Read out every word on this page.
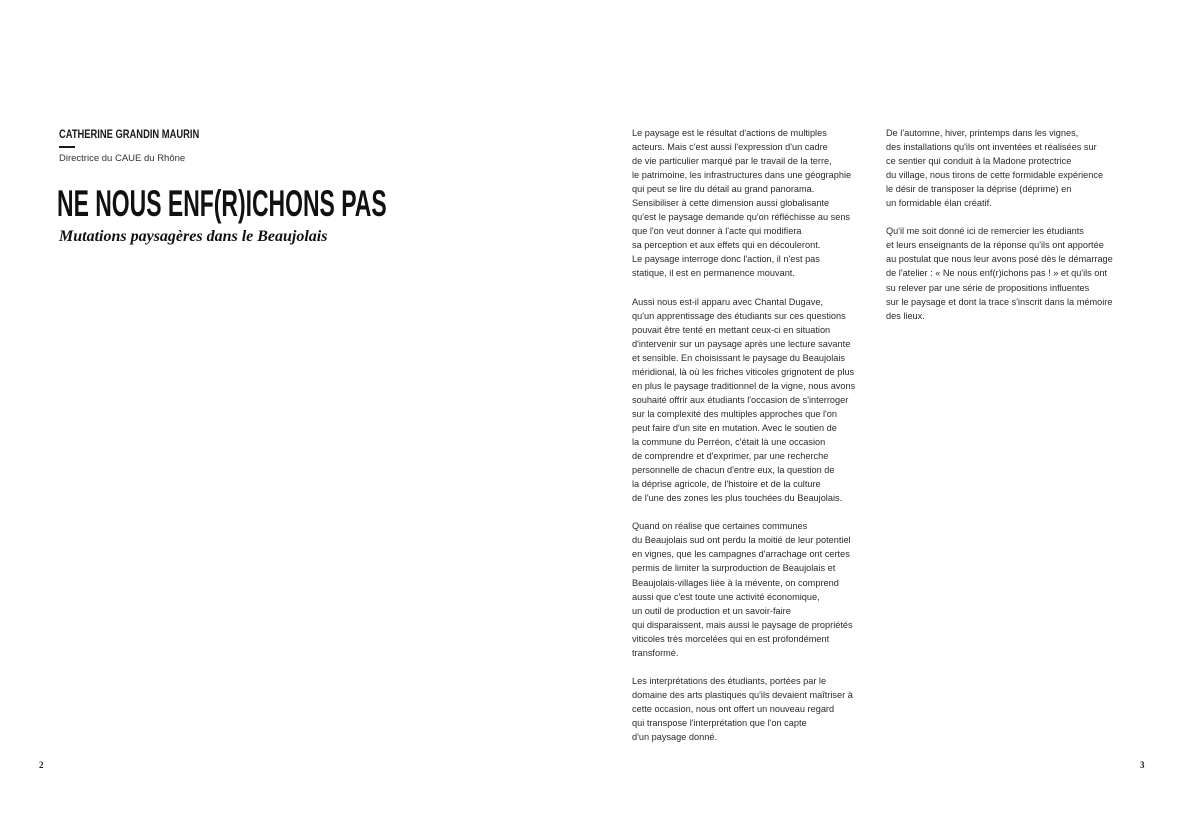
CATHERINE GRANDIN MAURIN

Directrice du CAUE du Rhône

NE NOUS ENF(R)ICHONS PAS
Mutations paysagères dans le Beaujolais

2

Le paysage est le résultat d'actions de multiples
acteurs. Mais c'est aussi l'expression d'un cadre
de vie particulier marqué par le travail de la terre,
le patrimoine, les infrastructures dans une géographie
qui peut se lire du détail au grand panorama.
Sensibiliser à cette dimension aussi globalisante
qu'est le paysage demande qu'on réfléchisse au sens
que l'on veut donner à l'acte qui modifiera
sa perception et aux effets qui en découleront.
Le paysage interroge donc l'action, il n'est pas
statique, il est en permanence mouvant.

Aussi nous est-il apparu avec Chantal Dugave,
qu'un apprentissage des étudiants sur ces questions
pouvait être tenté en mettant ceux-ci en situation
d'intervenir sur un paysage après une lecture savante
et sensible. En choisissant le paysage du Beaujolais
méridional, là où les friches viticoles grignotent de plus
en plus le paysage traditionnel de la vigne, nous avons
souhaité offrir aux étudiants l'occasion de s'interroger
sur la complexité des multiples approches que l'on
peut faire d'un site en mutation. Avec le soutien de
la commune du Perréon, c'était là une occasion
de comprendre et d'exprimer, par une recherche
personnelle de chacun d'entre eux, la question de
la déprise agricole, de l'histoire et de la culture
de l'une des zones les plus touchées du Beaujolais.

Quand on réalise que certaines communes
du Beaujolais sud ont perdu la moitié de leur potentiel
en vignes, que les campagnes d'arrachage ont certes
permis de limiter la surproduction de Beaujolais et
Beaujolais-villages liée à la mévente, on comprend
aussi que c'est toute une activité économique,
un outil de production et un savoir-faire
qui disparaissent, mais aussi le paysage de propriétés
viticoles très morcelées qui en est profondément
transformé.

Les interprétations des étudiants, portées par le
domaine des arts plastiques qu'ils devaient maîtriser à
cette occasion, nous ont offert un nouveau regard
qui transpose l'interprétation que l'on capte
d'un paysage donné.

De l'automne, hiver, printemps dans les vignes,
des installations qu'ils ont inventées et réalisées sur
ce sentier qui conduit à la Madone protectrice
du village, nous tirons de cette formidable expérience
le désir de transposer la déprise (déprime) en
un formidable élan créatif.

Qu'il me soit donné ici de remercier les étudiants
et leurs enseignants de la réponse qu'ils ont apportée
au postulat que nous leur avons posé dès le démarrage
de l'atelier : « Ne nous enf(r)ichons pas ! » et qu'ils ont
su relever par une série de propositions influentes
sur le paysage et dont la trace s'inscrit dans la mémoire
des lieux.

3
